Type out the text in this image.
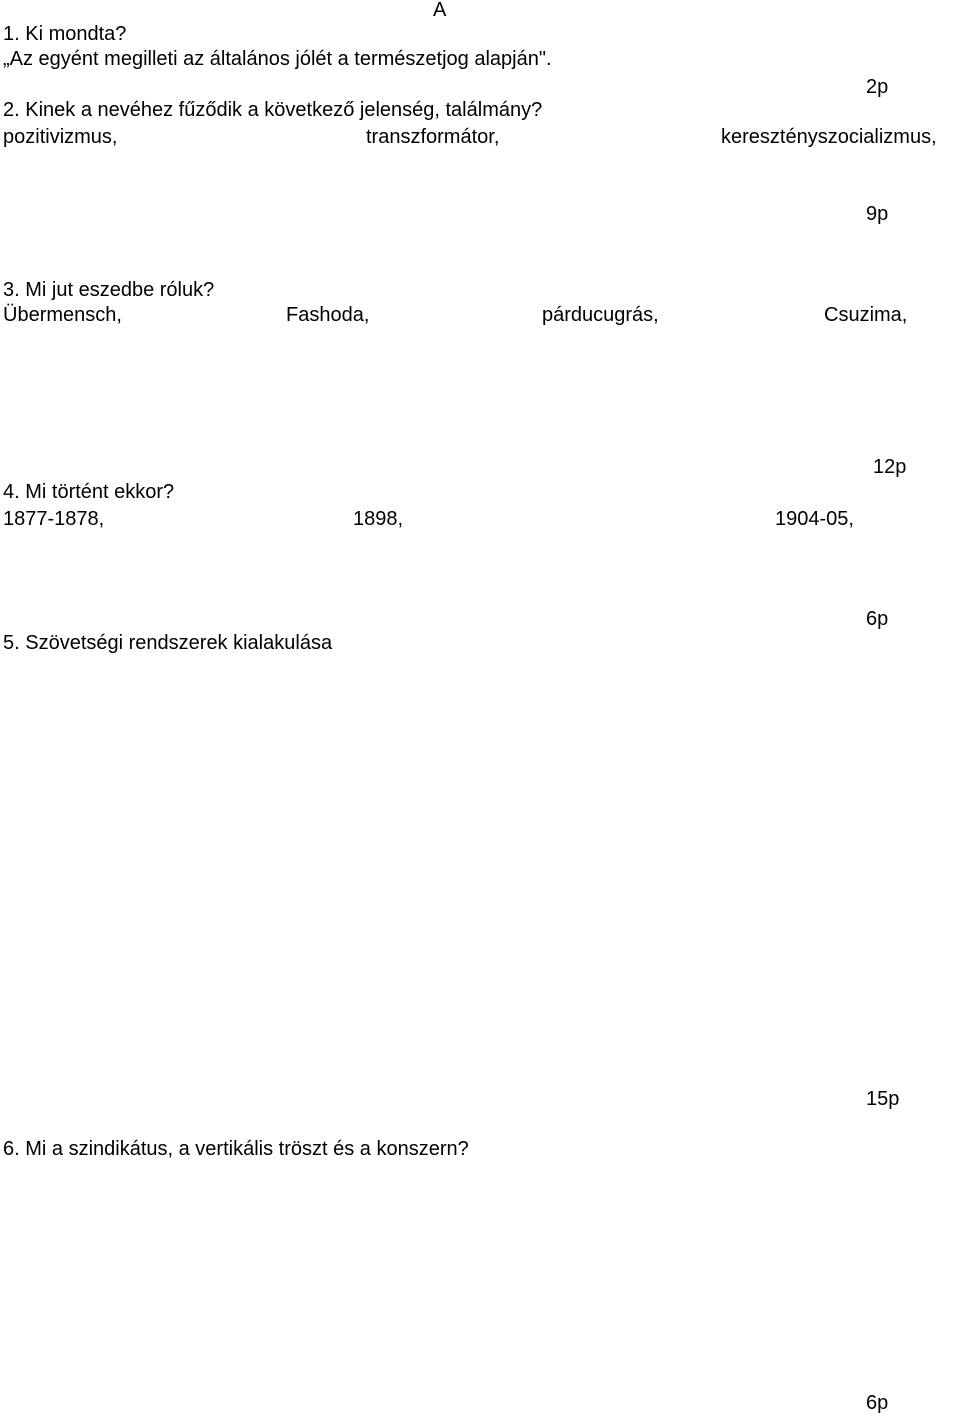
A
1. Ki mondta?
„Az egyént megilleti az általános jólét a természetjog alapján".
2p
2. Kinek a nevéhez fűződik a következő jelenség, találmány?
pozitivizmus,	transzformátor,	keresztényszocializmus,
9p
3. Mi jut eszedbe róluk?
Übermensch,	Fashoda,	párducugrás,	Csuzima,
12p
4. Mi történt ekkor?
1877-1878,	1898,	1904-05,
6p
5. Szövetségi rendszerek kialakulása
15p
6. Mi a szindikátus, a vertikális tröszt és a konszern?
6p
